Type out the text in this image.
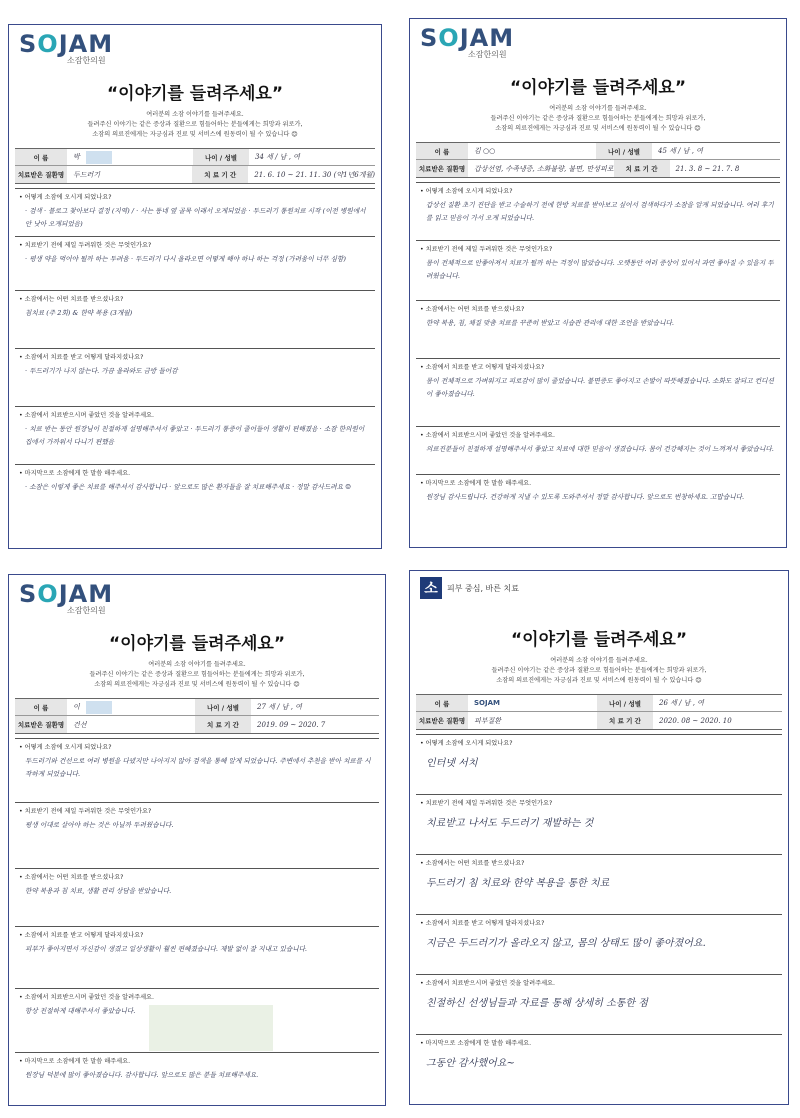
SOJAM
소잠한의원
“이야기를 들려주세요”
여러분의 소잠 이야기를 들려주세요.
들려주신 이야기는 같은 증상과 질환으로 힘들어하는 분들에게는 희망과 위로가,
소잠의 의료진에게는 자긍심과 진료 및 서비스에 원동력이 될 수 있습니다 😊
이 름	박	나이 / 성별	34 세 / 남 , 여
치료받은 질환명	두드러기	치 료 기 간	21. 6. 10 ~ 21. 11. 30 (약1년6개월)
• 어떻게 소잠에 오시게 되었나요?
· 검색 · 블로그 찾아보다 결정 (지역) / · 사는 동네 옆 골목 이래서 오게되었음 · 두드러기 통원치료 시작 (이전 병원에서 안 낫아 오게되었음)
• 치료받기 전에 제일 두려워한 것은 무엇인가요?
· 평생 약을 먹어야 될까 하는 두려움 · 두드러기 다시 올라오면 어떻게 해야 하나 하는 걱정 (가려움이 너무 심함)
• 소잠에서는 어떤 치료를 받으셨나요?
침치료 (주 2회) & 한약 복용 (3개월)
• 소잠에서 치료를 받고 어떻게 달라지셨나요?
· 두드러기가 나지 않는다. 가끔 올라와도 금방 들어감
• 소잠에서 치료받으시며 좋았던 것을 알려주세요.
· 치료 받는 동안 원장님이 친절하게 설명해주셔서 좋았고 · 두드러기 통증이 줄어들어 생활이 편해졌음 · 소잠 한의원이 집에서 가까워서 다니기 편했음
• 마지막으로 소잠에게 한 말씀 해주세요.
· 소잠은 이렇게 좋은 치료를 해주셔서 감사합니다 · 앞으로도 많은 환자들을 잘 치료해주세요 · 정말 감사드려요 ☺
SOJAM
소잠한의원
“이야기를 들려주세요”
여러분의 소잠 이야기를 들려주세요.
들려주신 이야기는 같은 증상과 질환으로 힘들어하는 분들에게는 희망과 위로가,
소잠의 의료진에게는 자긍심과 진료 및 서비스에 원동력이 될 수 있습니다 😊
이 름	김 ○○	나이 / 성별	45 세 / 남 , 여
치료받은 질환명	갑상선염, 수족냉증, 소화불량, 불면, 만성피로	치 료 기 간	21. 3. 8 ~ 21. 7. 8
• 어떻게 소잠에 오시게 되었나요?
갑상선 질환 초기 진단을 받고 수술하기 전에 한방 치료를 받아보고 싶어서 검색하다가 소잠을 알게 되었습니다. 여러 후기를 읽고 믿음이 가서 오게 되었습니다.
• 치료받기 전에 제일 두려워한 것은 무엇인가요?
몸이 전체적으로 안좋아져서 치료가 될까 하는 걱정이 많았습니다. 오랫동안 여러 증상이 있어서 과연 좋아질 수 있을지 두려웠습니다.
• 소잠에서는 어떤 치료를 받으셨나요?
한약 복용, 침, 체질 맞춤 치료를 꾸준히 받았고 식습관 관리에 대한 조언을 받았습니다.
• 소잠에서 치료를 받고 어떻게 달라지셨나요?
몸이 전체적으로 가벼워지고 피로감이 많이 줄었습니다. 불면증도 좋아지고 손발이 따뜻해졌습니다. 소화도 잘되고 컨디션이 좋아졌습니다.
• 소잠에서 치료받으시며 좋았던 것을 알려주세요.
의료진분들이 친절하게 설명해주셔서 좋았고 치료에 대한 믿음이 생겼습니다. 몸이 건강해지는 것이 느껴져서 좋았습니다.
• 마지막으로 소잠에게 한 말씀 해주세요.
원장님 감사드립니다. 건강하게 지낼 수 있도록 도와주셔서 정말 감사합니다. 앞으로도 번창하세요. 고맙습니다.
SOJAM
소잠한의원
“이야기를 들려주세요”
여러분의 소잠 이야기를 들려주세요.
들려주신 이야기는 같은 증상과 질환으로 힘들어하는 분들에게는 희망과 위로가,
소잠의 의료진에게는 자긍심과 진료 및 서비스에 원동력이 될 수 있습니다 😊
이 름	이	나이 / 성별	27 세 / 남 , 여
치료받은 질환명	건선	치 료 기 간	2019. 09 ~ 2020. 7
• 어떻게 소잠에 오시게 되었나요?
두드러기와 건선으로 여러 병원을 다녔지만 나아지지 않아 검색을 통해 알게 되었습니다. 주변에서 추천을 받아 치료를 시작하게 되었습니다.
• 치료받기 전에 제일 두려워한 것은 무엇인가요?
평생 이대로 살아야 하는 것은 아닐까 두려웠습니다.
• 소잠에서는 어떤 치료를 받으셨나요?
한약 복용과 침 치료, 생활 관리 상담을 받았습니다.
• 소잠에서 치료를 받고 어떻게 달라지셨나요?
피부가 좋아지면서 자신감이 생겼고 일상생활이 훨씬 편해졌습니다. 재발 없이 잘 지내고 있습니다.
• 소잠에서 치료받으시며 좋았던 것을 알려주세요.
항상 친절하게 대해주셔서 좋았습니다.
• 마지막으로 소잠에게 한 말씀 해주세요.
원장님 덕분에 많이 좋아졌습니다. 감사합니다. 앞으로도 많은 분들 치료해주세요.
소	피부 중심, 바른 치료
“이야기를 들려주세요”
여러분의 소잠 이야기를 들려주세요.
들려주신 이야기는 같은 증상과 질환으로 힘들어하는 분들에게는 희망과 위로가,
소잠의 의료진에게는 자긍심과 진료 및 서비스에 원동력이 될 수 있습니다 😊
이 름	SOJAM	나이 / 성별	26 세 / 남 , 여
치료받은 질환명	피부질환	치 료 기 간	2020. 08 ~ 2020. 10
• 어떻게 소잠에 오시게 되었나요?
인터넷 서치
• 치료받기 전에 제일 두려워한 것은 무엇인가요?
치료받고 나서도 두드러기 재발하는 것
• 소잠에서는 어떤 치료를 받으셨나요?
두드러기 침 치료와 한약 복용을 통한 치료
• 소잠에서 치료를 받고 어떻게 달라지셨나요?
지금은 두드러기가 올라오지 않고, 몸의 상태도 많이 좋아졌어요.
• 소잠에서 치료받으시며 좋았던 것을 알려주세요.
친절하신 선생님들과 자료를 통해 상세히 소통한 점
• 마지막으로 소잠에게 한 말씀 해주세요.
그동안 감사했어요~
